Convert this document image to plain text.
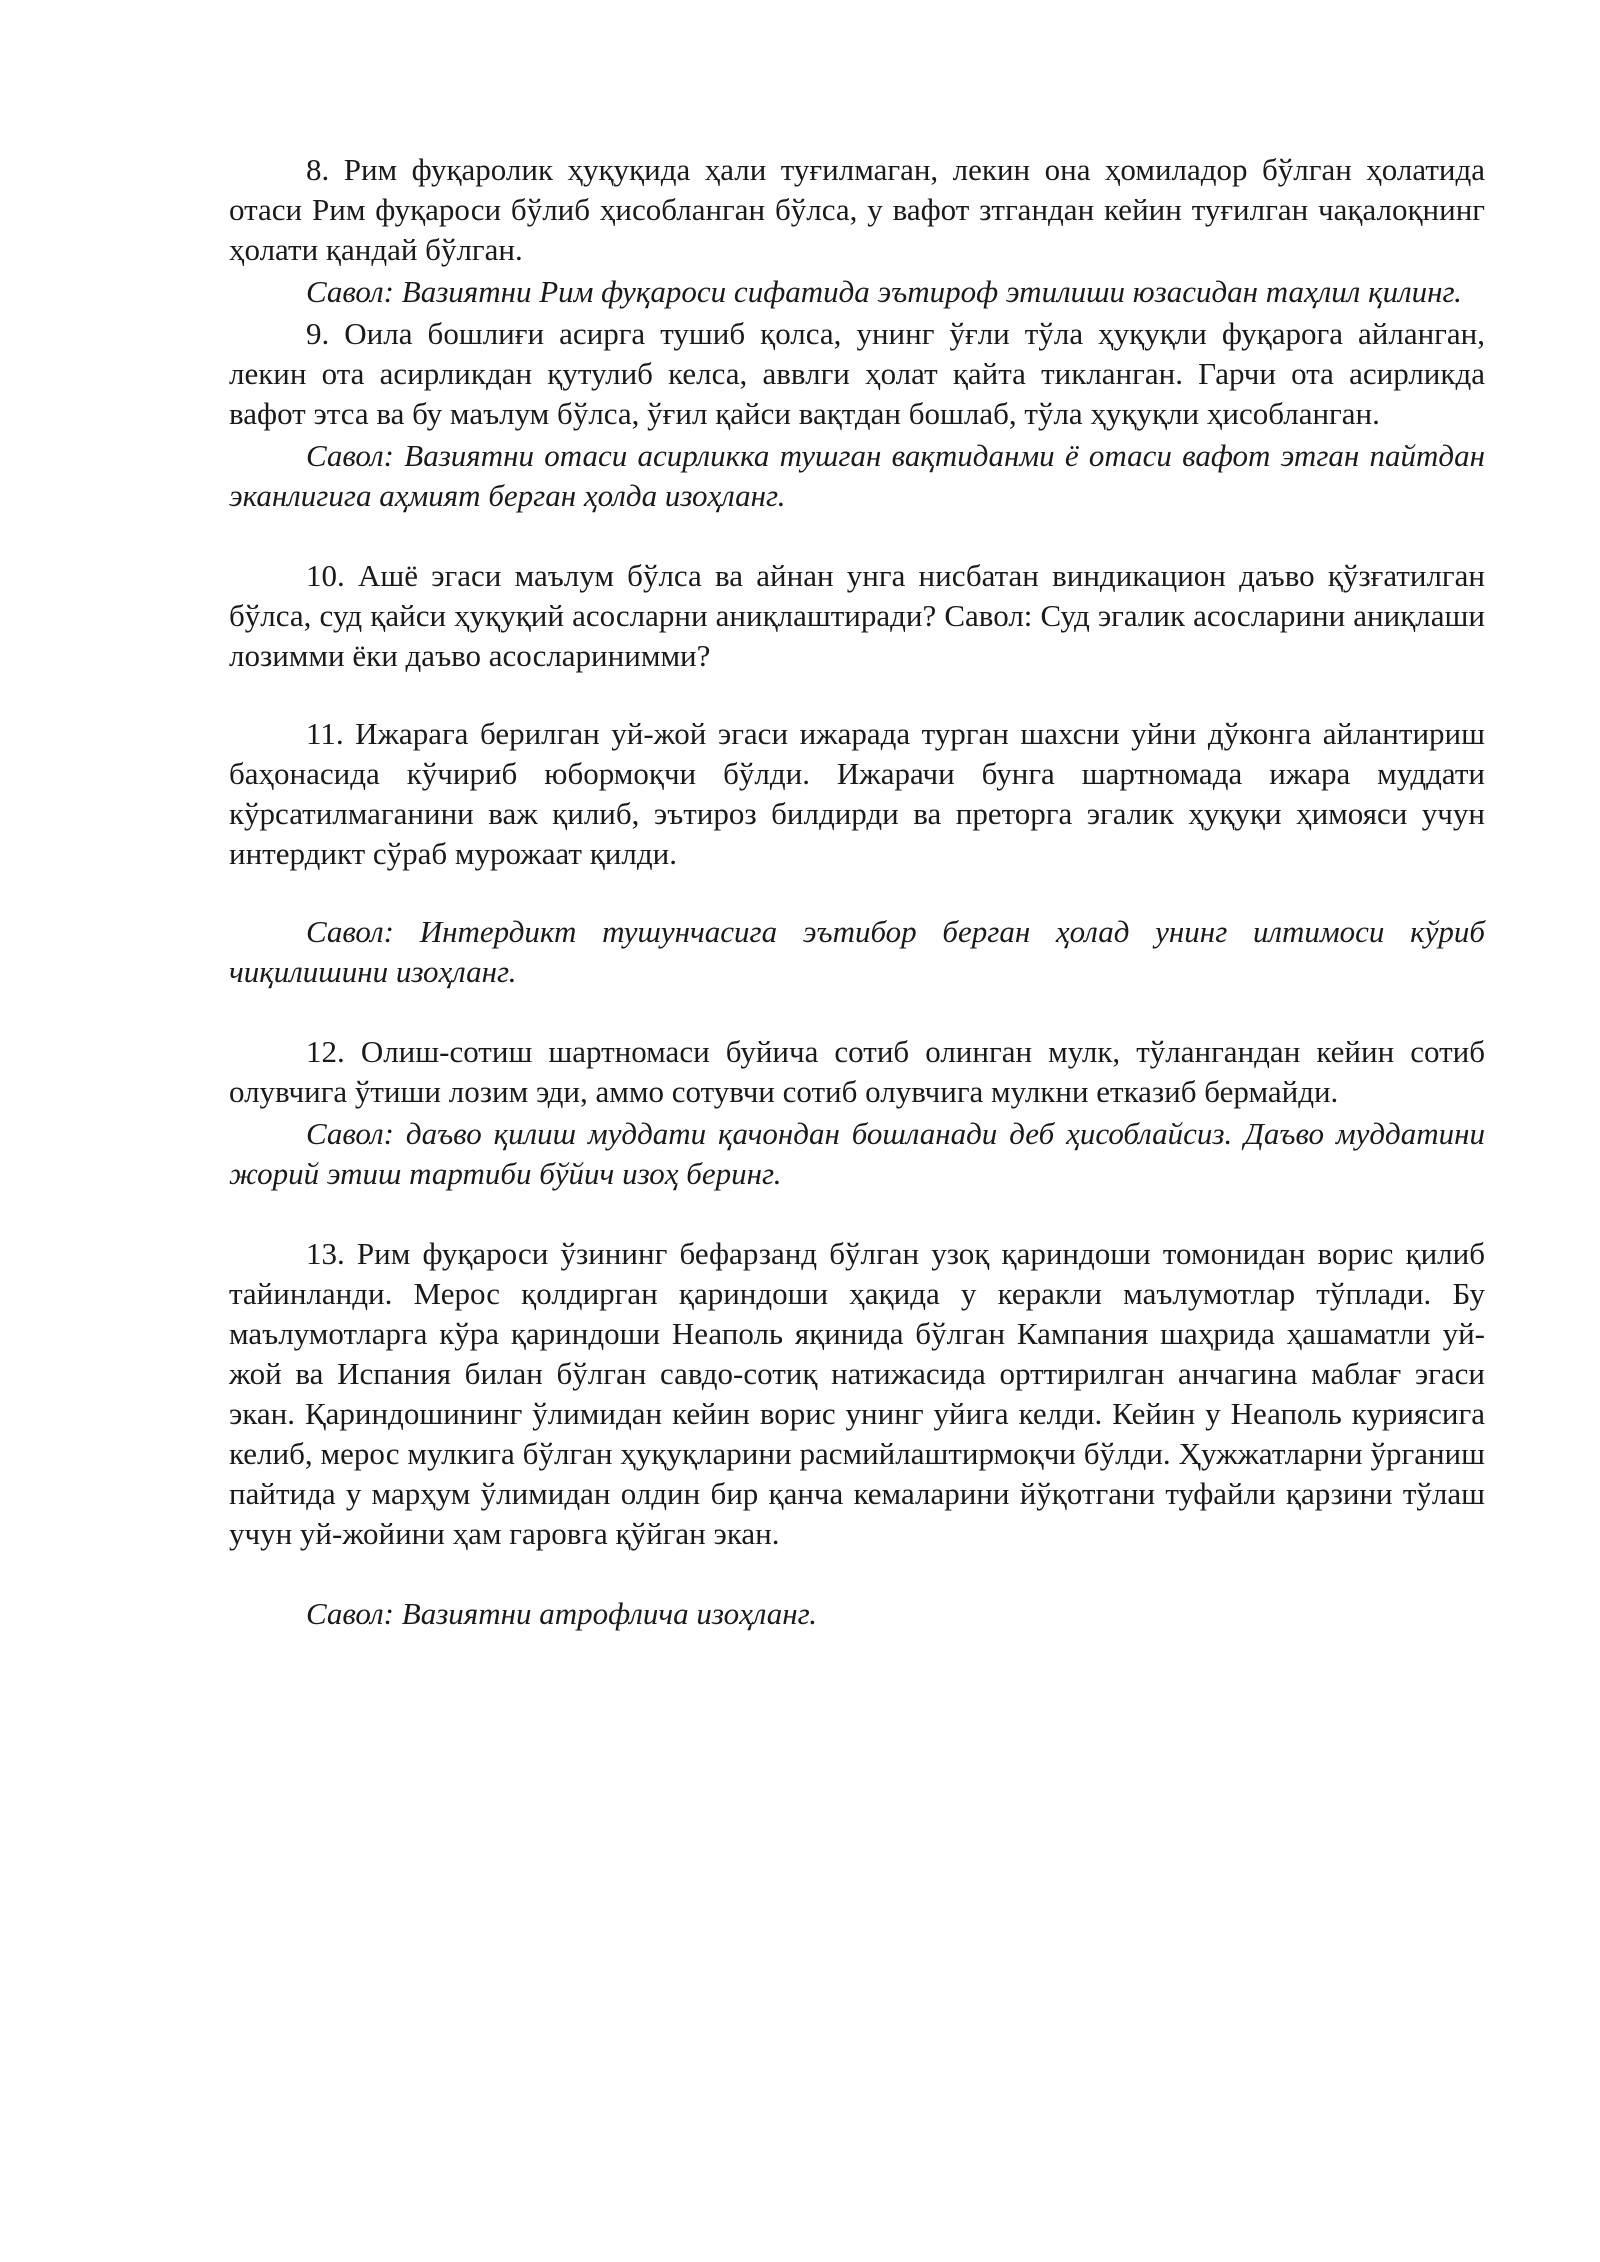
8. Рим фуқаролик ҳуқуқида ҳали туғилмаган, лекин она ҳомиладор бўлган ҳолатида отаси Рим фуқароси бўлиб ҳисобланган бўлса, у вафот зтгандан кейин туғилган чақалоқнинг ҳолати қандай бўлган.

Савол: Вазиятни Рим фуқароси сифатида эътироф этилиши юзасидан таҳлил қилинг.

9. Оила бошлиғи асирга тушиб қолса, унинг ўғли тўла ҳуқуқли фуқарога айланган, лекин ота асирликдан қутулиб келса, аввлги ҳолат қайта тикланган. Гарчи ота асирликда вафот этса ва бу маълум бўлса, ўғил қайси вақтдан бошлаб, тўла ҳуқуқли ҳисобланган.

Савол: Вазиятни отаси асирликка тушган вақтиданми ё отаси вафот этган пайтдан эканлигига аҳмият берган ҳолда изоҳланг.

10. Ашё эгаси маълум бўлса ва айнан унга нисбатан виндикацион даъво қўзғатилган бўлса, суд қайси ҳуқуқий асосларни аниқлаштиради? Савол: Суд эгалик асосларини аниқлаши лозимми ёки даъво асосларинимми?

11. Ижарага берилган уй-жой эгаси ижарада турган шахсни уйни дўконга айлантириш баҳонасида кўчириб юбормоқчи бўлди. Ижарачи бунга шартномада ижара муддати кўрсатилмаганини важ қилиб, эътироз билдирди ва преторга эгалик ҳуқуқи ҳимояси учун интердикт сўраб мурожаат қилди.

Савол: Интердикт тушунчасига эътибор берган ҳолад унинг илтимоси кўриб чиқилишини изоҳланг.

12. Олиш-сотиш шартномаси буйича сотиб олинган мулк, тўлангандан кейин сотиб олувчига ўтиши лозим эди, аммо сотувчи сотиб олувчига мулкни етказиб бермайди.

Савол: даъво қилиш муддати қачондан бошланади деб ҳисоблайсиз. Даъво муддатини жорий этиш тартиби бўйич изоҳ беринг.

13. Рим фуқароси ўзининг бефарзанд бўлган узоқ қариндоши томонидан ворис қилиб тайинланди. Мерос қолдирган қариндоши ҳақида у керакли маълумотлар тўплади. Бу маълумотларга кўра қариндоши Неаполь яқинида бўлган Кампания шаҳрида ҳашаматли уй-жой ва Испания билан бўлган савдо-сотиқ натижасида орттирилган анчагина маблағ эгаси экан. Қариндошининг ўлимидан кейин ворис унинг уйига келди. Кейин у Неаполь куриясига келиб, мерос мулкига бўлган ҳуқуқларини расмийлаштирмоқчи бўлди. Ҳужжатларни ўрганиш пайтида у марҳум ўлимидан олдин бир қанча кемаларини йўқотгани туфайли қарзини тўлаш учун уй-жойини ҳам гаровга қўйган экан.

Савол: Вазиятни атрофлича изоҳланг.
